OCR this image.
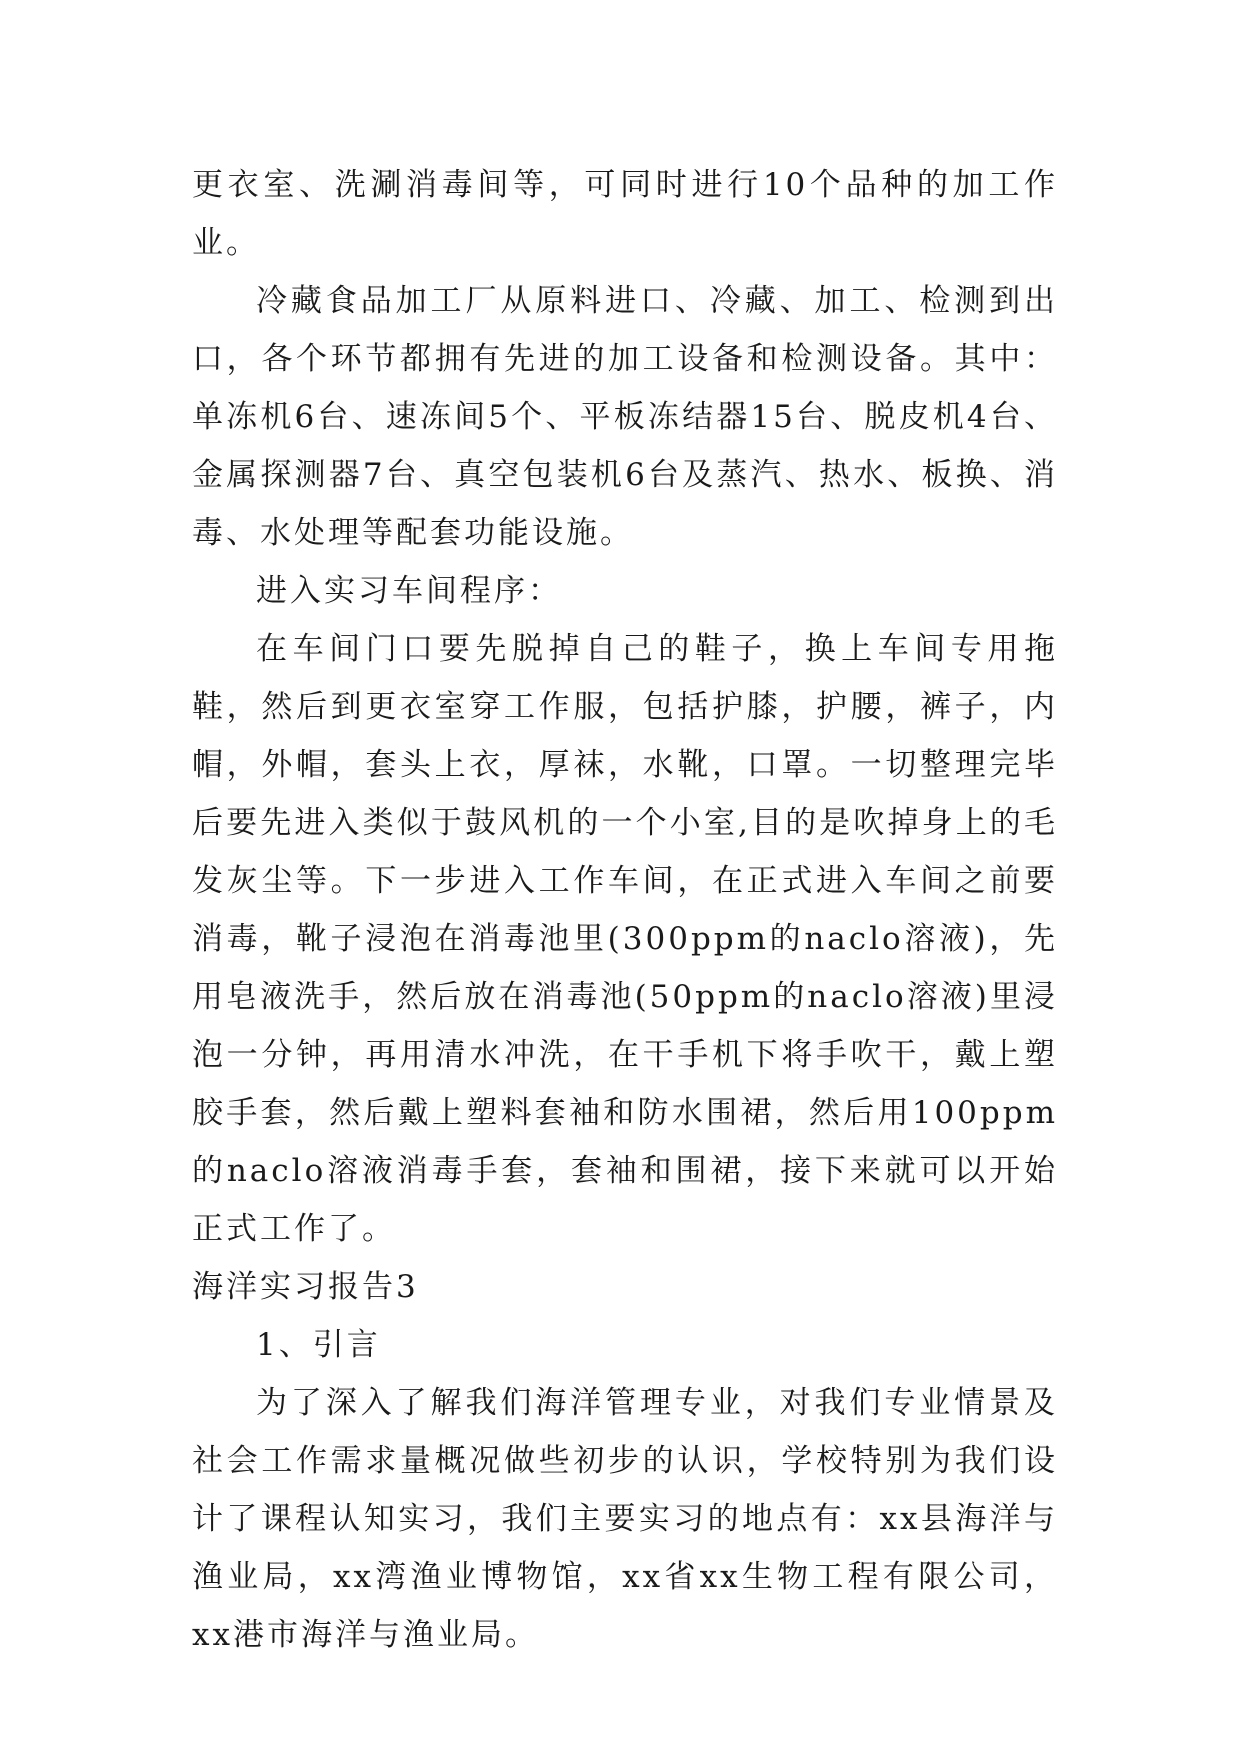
更衣室、洗涮消毒间等，可同时进行10个品种的加工作业。

冷藏食品加工厂从原料进口、冷藏、加工、检测到出口，各个环节都拥有先进的加工设备和检测设备。其中：单冻机6台、速冻间5个、平板冻结器15台、脱皮机4台、金属探测器7台、真空包装机6台及蒸汽、热水、板换、消毒、水处理等配套功能设施。

进入实习车间程序：

在车间门口要先脱掉自己的鞋子，换上车间专用拖鞋，然后到更衣室穿工作服，包括护膝，护腰，裤子，内帽，外帽，套头上衣，厚袜，水靴，口罩。一切整理完毕后要先进入类似于鼓风机的一个小室,目的是吹掉身上的毛发灰尘等。下一步进入工作车间，在正式进入车间之前要消毒，靴子浸泡在消毒池里(300ppm的naclo溶液)，先用皂液洗手，然后放在消毒池(50ppm的naclo溶液)里浸泡一分钟，再用清水冲洗，在干手机下将手吹干，戴上塑胶手套，然后戴上塑料套袖和防水围裙，然后用100ppm的naclo溶液消毒手套，套袖和围裙，接下来就可以开始正式工作了。

海洋实习报告3

1、引言

为了深入了解我们海洋管理专业，对我们专业情景及社会工作需求量概况做些初步的认识，学校特别为我们设计了课程认知实习，我们主要实习的地点有：xx县海洋与渔业局，xx湾渔业博物馆，xx省xx生物工程有限公司，xx港市海洋与渔业局。
